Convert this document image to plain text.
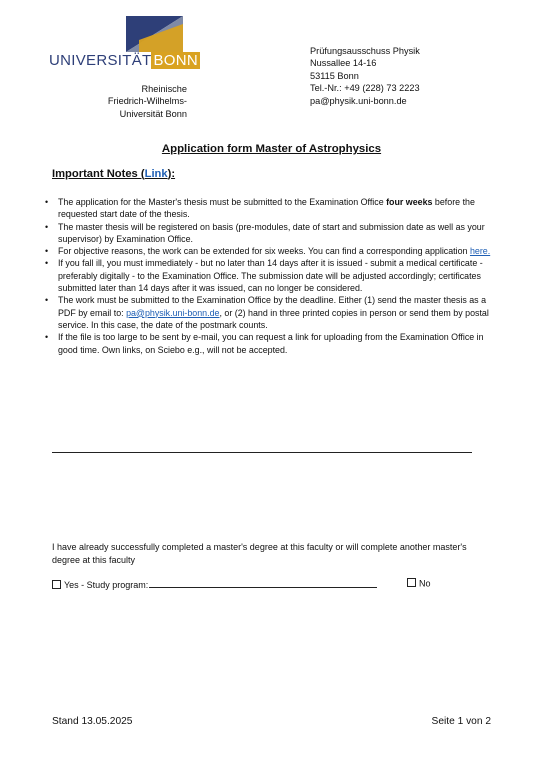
UNIVERSITÄT BONN
Rheinische
Friedrich-Wilhelms-
Universität Bonn
Prüfungsausschuss Physik
Nussallee 14-16
53115 Bonn
Tel.-Nr.: +49 (228) 73 2223
pa@physik.uni-bonn.de
Application form Master of Astrophysics
Important Notes (Link):
• The application for the Master's thesis must be submitted to the Examination Office four weeks before the requested start date of the thesis.
• The master thesis will be registered on basis (pre-modules, date of start and submission date as well as your supervisor) by Examination Office.
• For objective reasons, the work can be extended for six weeks. You can find a corresponding application here.
• If you fall ill, you must immediately - but no later than 14 days after it is issued - submit a medical certificate - preferably digitally - to the Examination Office. The submission date will be adjusted accordingly; certificates submitted later than 14 days after it was issued, can no longer be considered.
• The work must be submitted to the Examination Office by the deadline. Either (1) send the master thesis as a PDF by email to: pa@physik.uni-bonn.de, or (2) hand in three printed copies in person or send them by postal service. In this case, the date of the postmark counts.
• If the file is too large to be sent by e-mail, you can request a link for uploading from the Examination Office in good time. Own links, on Sciebo e.g., will not be accepted.
I have already successfully completed a master's degree at this faculty or will complete another master's degree at this faculty
Yes - Study program:	No
Stand 13.05.2025	Seite 1 von 2
